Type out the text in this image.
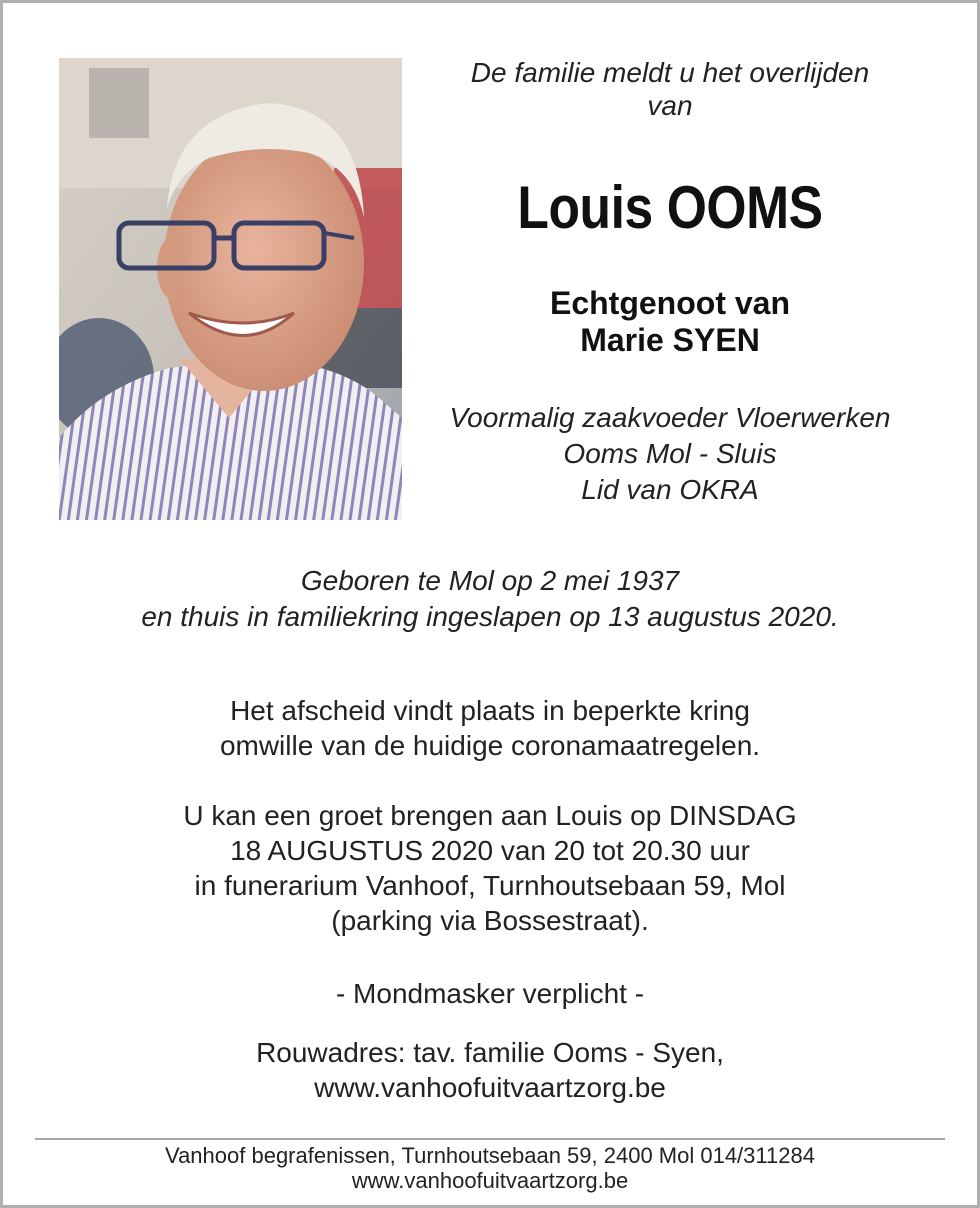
De familie meldt u het overlijden
van
Louis OOMS
Echtgenoot van
Marie SYEN
Voormalig zaakvoeder Vloerwerken
Ooms Mol - Sluis
Lid van OKRA
Geboren te Mol op 2 mei 1937
en thuis in familiekring ingeslapen op 13 augustus 2020.
Het afscheid vindt plaats in beperkte kring
omwille van de huidige coronamaatregelen.
U kan een groet brengen aan Louis op DINSDAG
18 AUGUSTUS 2020 van 20 tot 20.30 uur
in funerarium Vanhoof, Turnhoutsebaan 59, Mol
(parking via Bossestraat).
- Mondmasker verplicht -
Rouwadres: tav. familie Ooms - Syen,
www.vanhoofuitvaartzorg.be
Vanhoof begrafenissen, Turnhoutsebaan 59, 2400 Mol 014/311284
www.vanhoofuitvaartzorg.be
